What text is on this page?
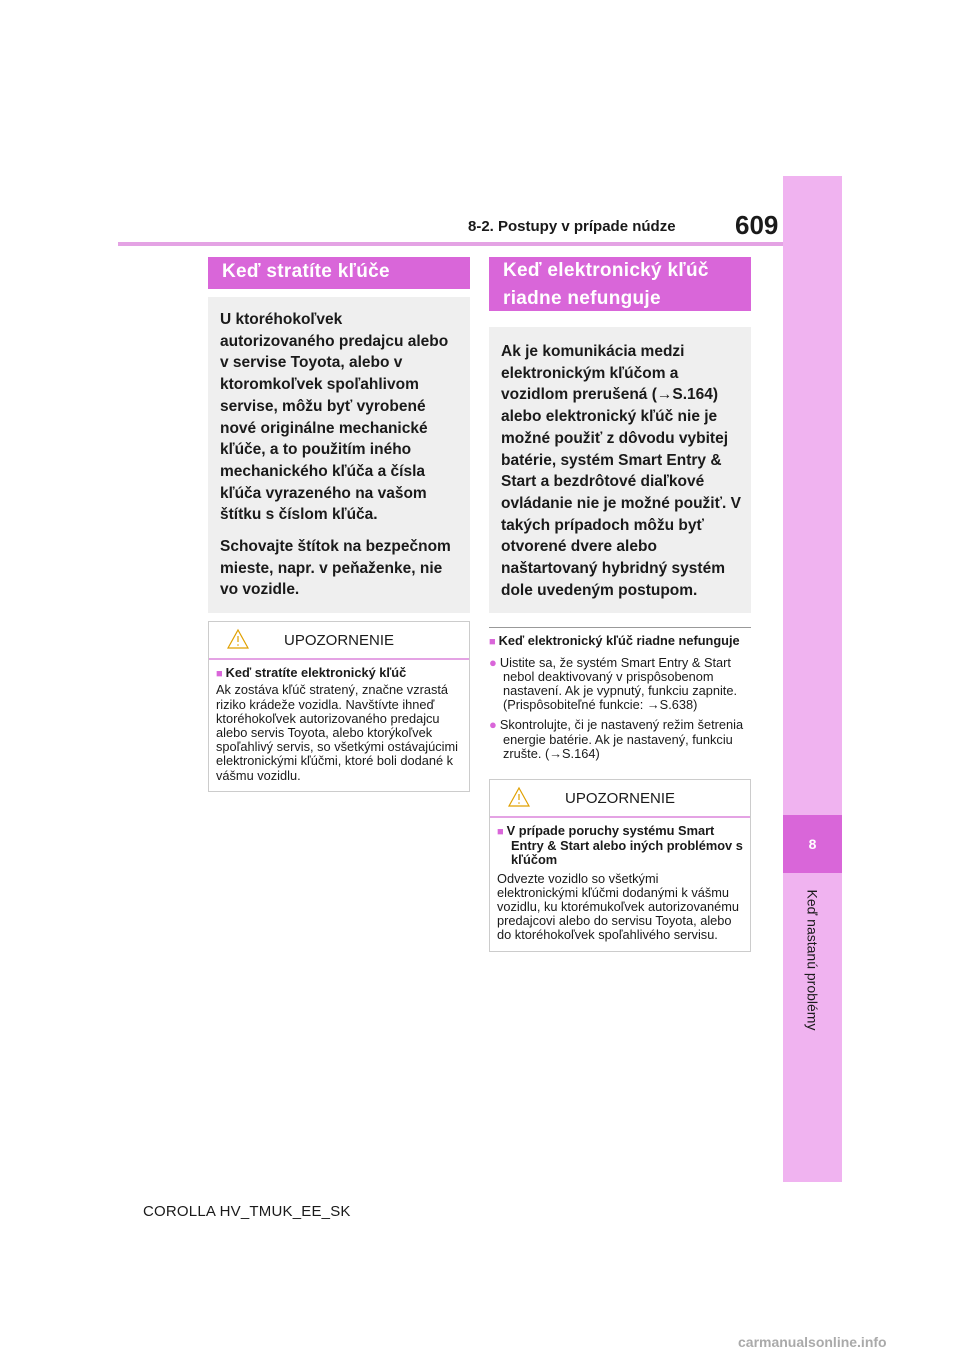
8
Keď nastanú problémy
8-2. Postupy v prípade núdze 609
Keď stratíte kľúče

U ktoréhokoľvek autorizovaného predajcu alebo v servise Toyota, alebo v ktoromkoľvek spoľahlivom servise, môžu byť vyrobené nové originálne mechanické kľúče, a to použitím iného mechanického kľúča a čísla kľúča vyrazeného na vašom štítku s číslom kľúča.

Schovajte štítok na bezpečnom mieste, napr. v peňaženke, nie vo vozidle.

UPOZORNENIE
■ Keď stratíte elektronický kľúč
Ak zostáva kľúč stratený, značne vzrastá riziko krádeže vozidla. Navštívte ihneď ktoréhokoľvek autorizovaného predajcu alebo servis Toyota, alebo ktorýkoľvek spoľahlivý servis, so všetkými ostávajúcimi elektronickými kľúčmi, ktoré boli dodané k vášmu vozidlu.
Keď elektronický kľúč riadne nefunguje

Ak je komunikácia medzi elektronickým kľúčom a vozidlom prerušená (→S.164) alebo elektronický kľúč nie je možné použiť z dôvodu vybitej batérie, systém Smart Entry & Start a bezdrôtové diaľkové ovládanie nie je možné použiť. V takých prípadoch môžu byť otvorené dvere alebo naštartovaný hybridný systém dole uvedeným postupom.

■ Keď elektronický kľúč riadne nefunguje
● Uistite sa, že systém Smart Entry & Start nebol deaktivovaný v prispôsobenom nastavení. Ak je vypnutý, funkciu zapnite. (Prispôsobiteľné funkcie: →S.638)
● Skontrolujte, či je nastavený režim šetrenia energie batérie. Ak je nastavený, funkciu zrušte. (→S.164)
UPOZORNENIE
■ V prípade poruchy systému Smart Entry & Start alebo iných problémov s kľúčom
Odvezte vozidlo so všetkými elektronickými kľúčmi dodanými k vášmu vozidlu, ku ktorémukoľvek autorizovanému predajcovi alebo do servisu Toyota, alebo do ktoréhokoľvek spoľahlivého servisu.
COROLLA HV_TMUK_EE_SK
carmanualsonline.info
